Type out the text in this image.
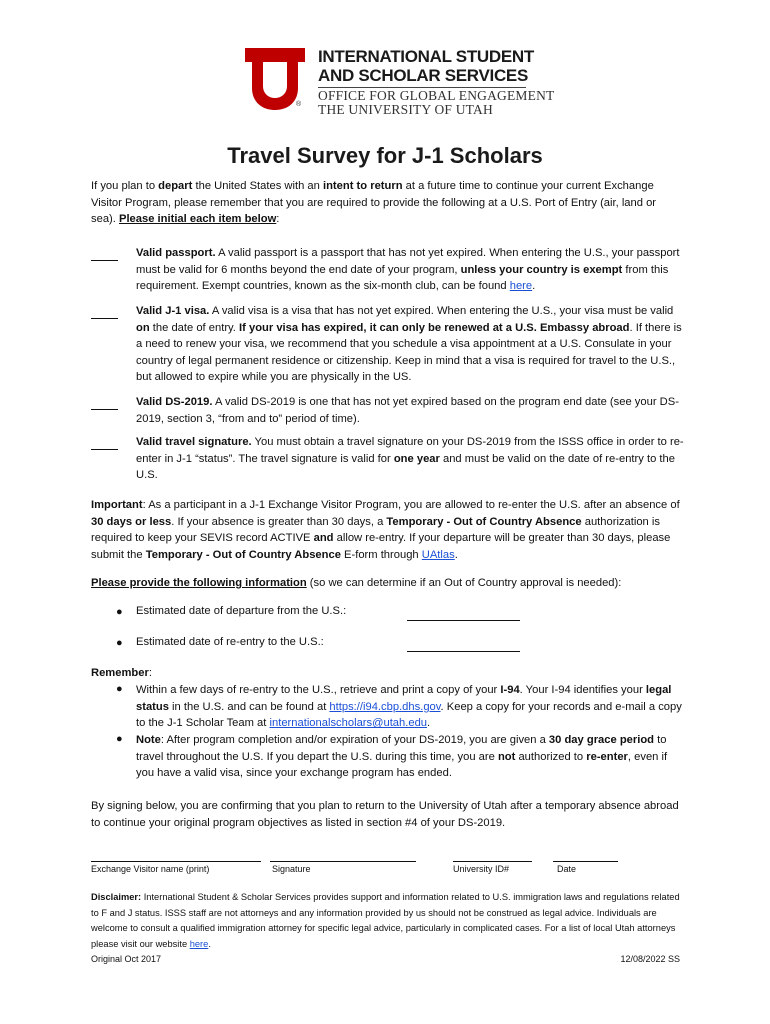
®
INTERNATIONAL STUDENT
AND SCHOLAR SERVICES
OFFICE FOR GLOBAL ENGAGEMENT
THE UNIVERSITY OF UTAH
Travel Survey for J-1 Scholars
If you plan to depart the United States with an intent to return at a future time to continue your current Exchange Visitor Program, please remember that you are required to provide the following at a U.S. Port of Entry (air, land or sea). Please initial each item below:
Valid passport. A valid passport is a passport that has not yet expired. When entering the U.S., your passport must be valid for 6 months beyond the end date of your program, unless your country is exempt from this requirement. Exempt countries, known as the six-month club, can be found here.
Valid J-1 visa. A valid visa is a visa that has not yet expired. When entering the U.S., your visa must be valid on the date of entry. If your visa has expired, it can only be renewed at a U.S. Embassy abroad. If there is a need to renew your visa, we recommend that you schedule a visa appointment at a U.S. Consulate in your country of legal permanent residence or citizenship. Keep in mind that a visa is required for travel to the U.S., but allowed to expire while you are physically in the US.
Valid DS-2019. A valid DS-2019 is one that has not yet expired based on the program end date (see your DS-2019, section 3, “from and to” period of time).
Valid travel signature. You must obtain a travel signature on your DS-2019 from the ISSS office in order to re-enter in J-1 “status”. The travel signature is valid for one year and must be valid on the date of re-entry to the U.S.
Important: As a participant in a J-1 Exchange Visitor Program, you are allowed to re-enter the U.S. after an absence of 30 days or less. If your absence is greater than 30 days, a Temporary - Out of Country Absence authorization is required to keep your SEVIS record ACTIVE and allow re-entry. If your departure will be greater than 30 days, please submit the Temporary - Out of Country Absence E-form through UAtlas.
Please provide the following information (so we can determine if an Out of Country approval is needed):
● Estimated date of departure from the U.S.:
● Estimated date of re-entry to the U.S.:
Remember:
● Within a few days of re-entry to the U.S., retrieve and print a copy of your I-94. Your I-94 identifies your legal status in the U.S. and can be found at https://i94.cbp.dhs.gov. Keep a copy for your records and e-mail a copy to the J-1 Scholar Team at internationalscholars@utah.edu.
● Note: After program completion and/or expiration of your DS-2019, you are given a 30 day grace period to travel throughout the U.S. If you depart the U.S. during this time, you are not authorized to re-enter, even if you have a valid visa, since your exchange program has ended.
By signing below, you are confirming that you plan to return to the University of Utah after a temporary absence abroad to continue your original program objectives as listed in section #4 of your DS-2019.
Exchange Visitor name (print)	Signature	University ID#	Date
Disclaimer: International Student & Scholar Services provides support and information related to U.S. immigration laws and regulations related to F and J status. ISSS staff are not attorneys and any information provided by us should not be construed as legal advice. Individuals are welcome to consult a qualified immigration attorney for specific legal advice, particularly in complicated cases. For a list of local Utah attorneys please visit our website here.
Original Oct 2017	12/08/2022 SS
